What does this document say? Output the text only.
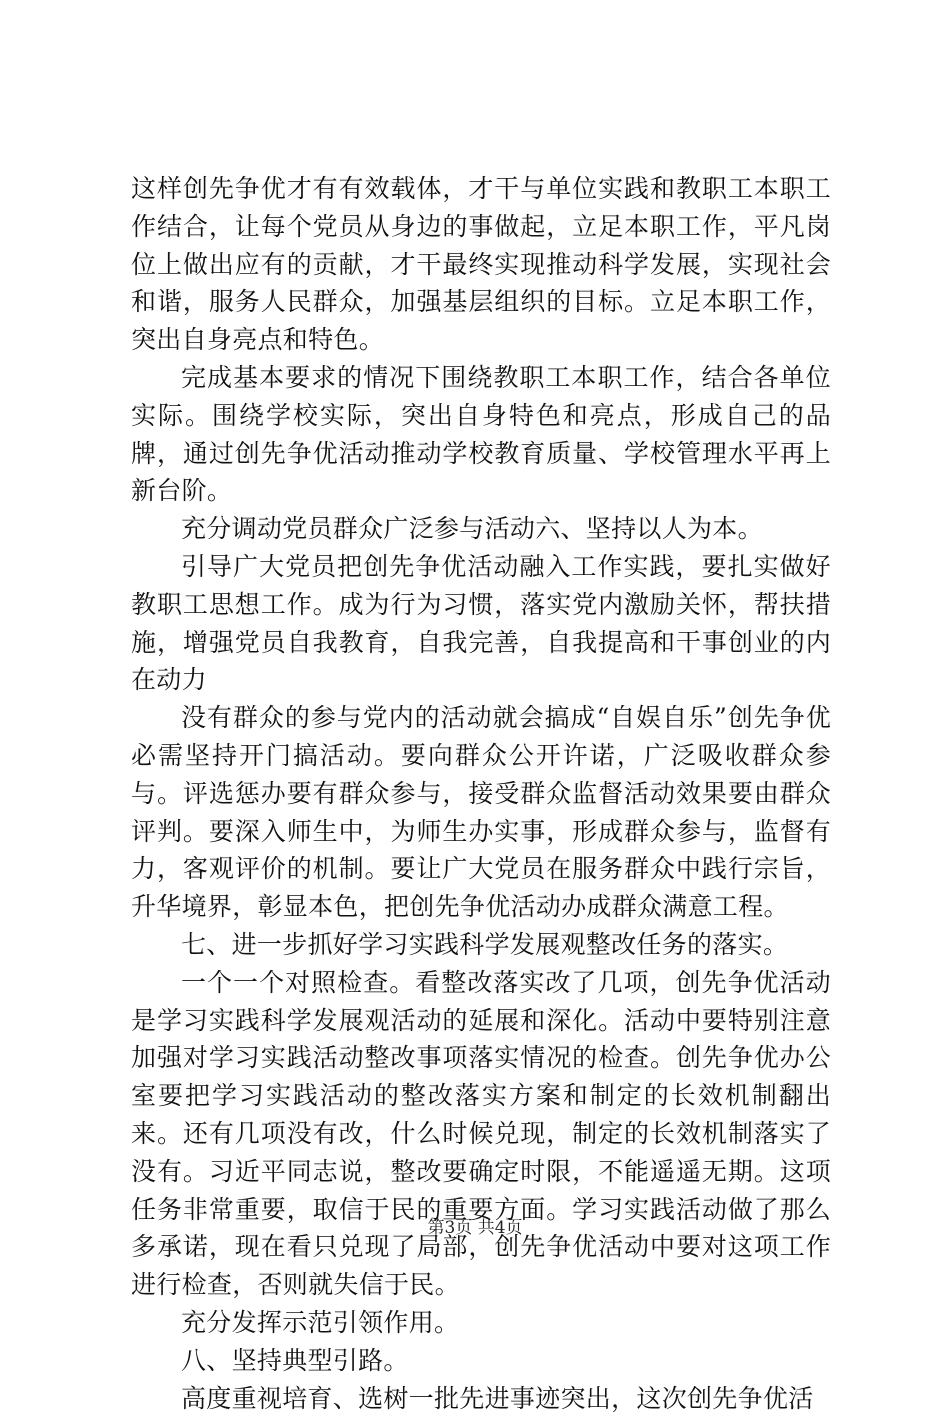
这样创先争优才有有效载体，才干与单位实践和教职工本职工作结合，让每个党员从身边的事做起，立足本职工作，平凡岗位上做出应有的贡献，才干最终实现推动科学发展，实现社会和谐，服务人民群众，加强基层组织的目标。立足本职工作，突出自身亮点和特色。

完成基本要求的情况下围绕教职工本职工作，结合各单位实际。围绕学校实际，突出自身特色和亮点，形成自己的品牌，通过创先争优活动推动学校教育质量、学校管理水平再上新台阶。

充分调动党员群众广泛参与活动六、坚持以人为本。

引导广大党员把创先争优活动融入工作实践，要扎实做好教职工思想工作。成为行为习惯，落实党内激励关怀，帮扶措施，增强党员自我教育，自我完善，自我提高和干事创业的内在动力

没有群众的参与党内的活动就会搞成“自娱自乐”创先争优必需坚持开门搞活动。要向群众公开许诺，广泛吸收群众参与。评选惩办要有群众参与，接受群众监督活动效果要由群众评判。要深入师生中，为师生办实事，形成群众参与，监督有力，客观评价的机制。要让广大党员在服务群众中践行宗旨，升华境界，彰显本色，把创先争优活动办成群众满意工程。

七、进一步抓好学习实践科学发展观整改任务的落实。

一个一个对照检查。看整改落实改了几项，创先争优活动是学习实践科学发展观活动的延展和深化。活动中要特别注意加强对学习实践活动整改事项落实情况的检查。创先争优办公室要把学习实践活动的整改落实方案和制定的长效机制翻出来。还有几项没有改，什么时候兑现，制定的长效机制落实了没有。习近平同志说，整改要确定时限，不能遥遥无期。这项任务非常重要，取信于民的重要方面。学习实践活动做了那么多承诺，现在看只兑现了局部，创先争优活动中要对这项工作进行检查，否则就失信于民。

充分发挥示范引领作用。

八、坚持典型引路。

高度重视培育、选树一批先进事迹突出，这次创先争优活

第3页 共4页
